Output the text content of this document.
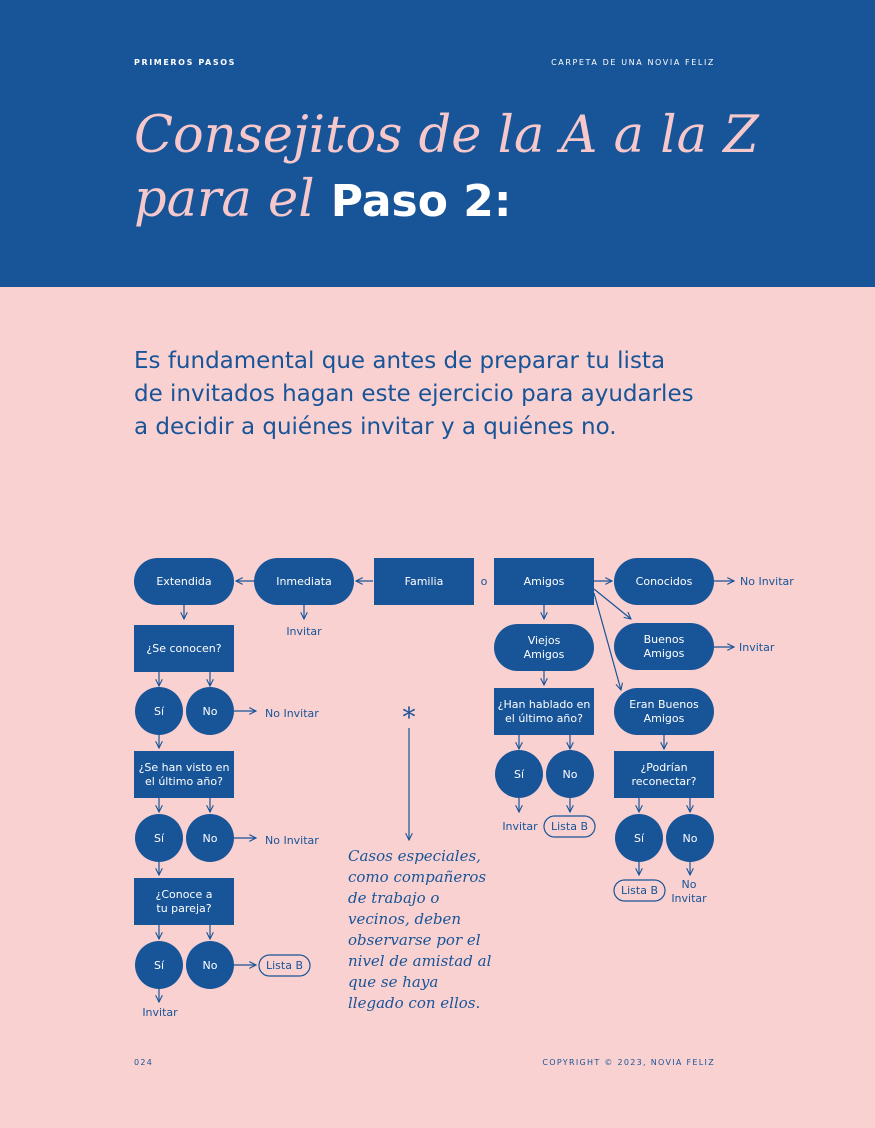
PRIMEROS PASOS	CARPETA DE UNA NOVIA FELIZ
Consejitos de la A a la Z
para el Paso 2:
Es fundamental que antes de preparar tu lista de invitados hagan este ejercicio para ayudarles a decidir a quiénes invitar y a quiénes no.
Familia	o	Amigos
Inmediata
Extendida	Conocidos
Buenos Amigos
Viejos Amigos
Eran Buenos Amigos
¿Se conocen?
¿Se han visto en el último año?
¿Conoce a tu pareja?
¿Han hablado en el último año?
¿Podrían reconectar?
Sí	No
Sí	No
Sí	No
Sí	No
Sí	No
Invitar
No Invitar
No Invitar
Lista B
Invitar
No Invitar
Invitar
Invitar Lista B
Lista B	No Invitar
*
Casos especiales, como compañeros de trabajo o vecinos, deben observarse por el nivel de amistad al que se haya llegado con ellos.
024	COPYRIGHT © 2023, NOVIA FELIZ
